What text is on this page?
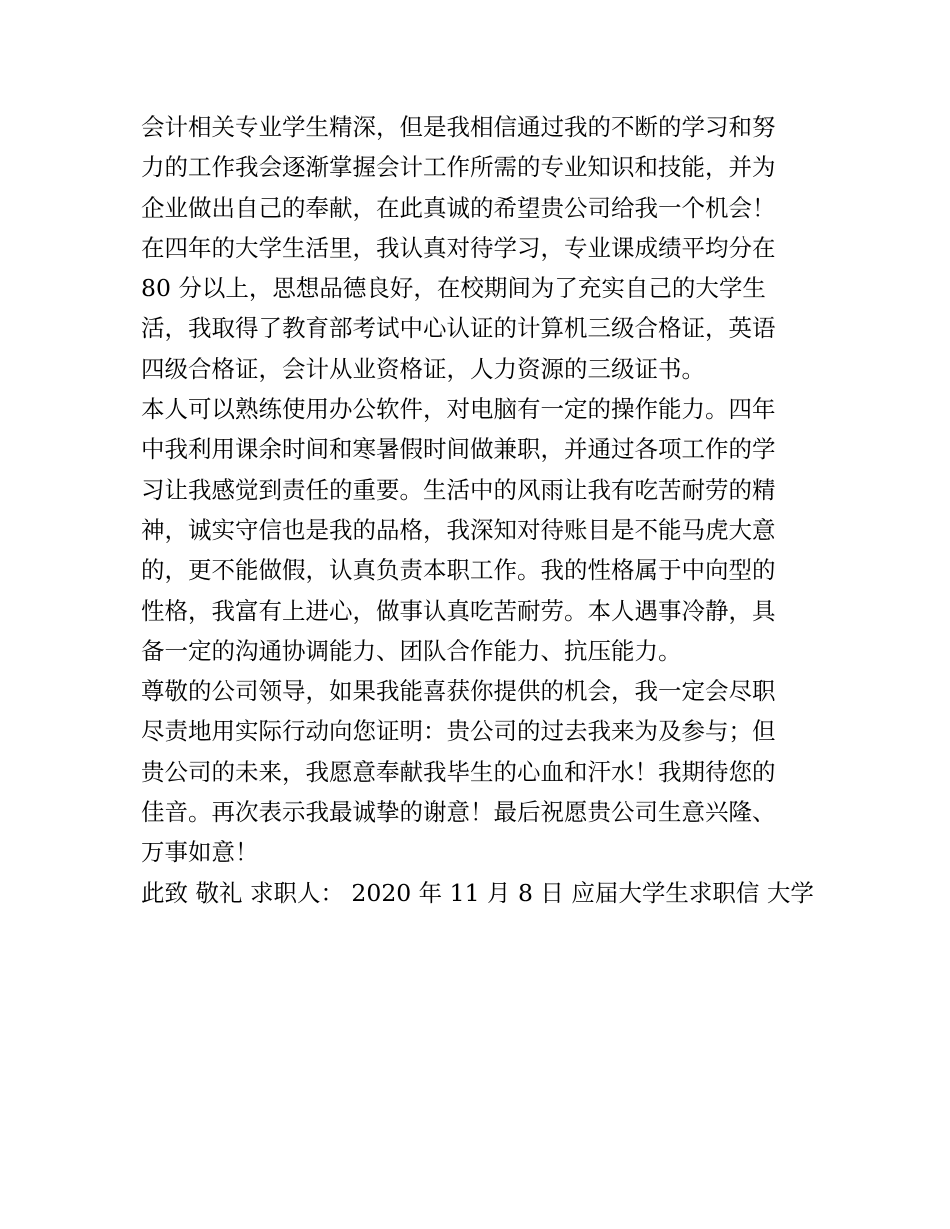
会计相关专业学生精深，但是我相信通过我的不断的学习和努
力的工作我会逐渐掌握会计工作所需的专业知识和技能，并为
企业做出自己的奉献，在此真诚的希望贵公司给我一个机会！
在四年的大学生活里，我认真对待学习，专业课成绩平均分在
80 分以上，思想品德良好，在校期间为了充实自己的大学生
活，我取得了教育部考试中心认证的计算机三级合格证，英语
四级合格证，会计从业资格证，人力资源的三级证书。
本人可以熟练使用办公软件，对电脑有一定的操作能力。四年
中我利用课余时间和寒暑假时间做兼职，并通过各项工作的学
习让我感觉到责任的重要。生活中的风雨让我有吃苦耐劳的精
神，诚实守信也是我的品格，我深知对待账目是不能马虎大意
的，更不能做假，认真负责本职工作。我的性格属于中向型的
性格，我富有上进心，做事认真吃苦耐劳。本人遇事冷静，具
备一定的沟通协调能力、团队合作能力、抗压能力。
尊敬的公司领导，如果我能喜获你提供的机会，我一定会尽职
尽责地用实际行动向您证明：贵公司的过去我来为及参与；但
贵公司的未来，我愿意奉献我毕生的心血和汗水！我期待您的
佳音。再次表示我最诚挚的谢意！最后祝愿贵公司生意兴隆、
万事如意！
此致 敬礼 求职人： 2020 年 11 月 8 日 应届大学生求职信 大学
